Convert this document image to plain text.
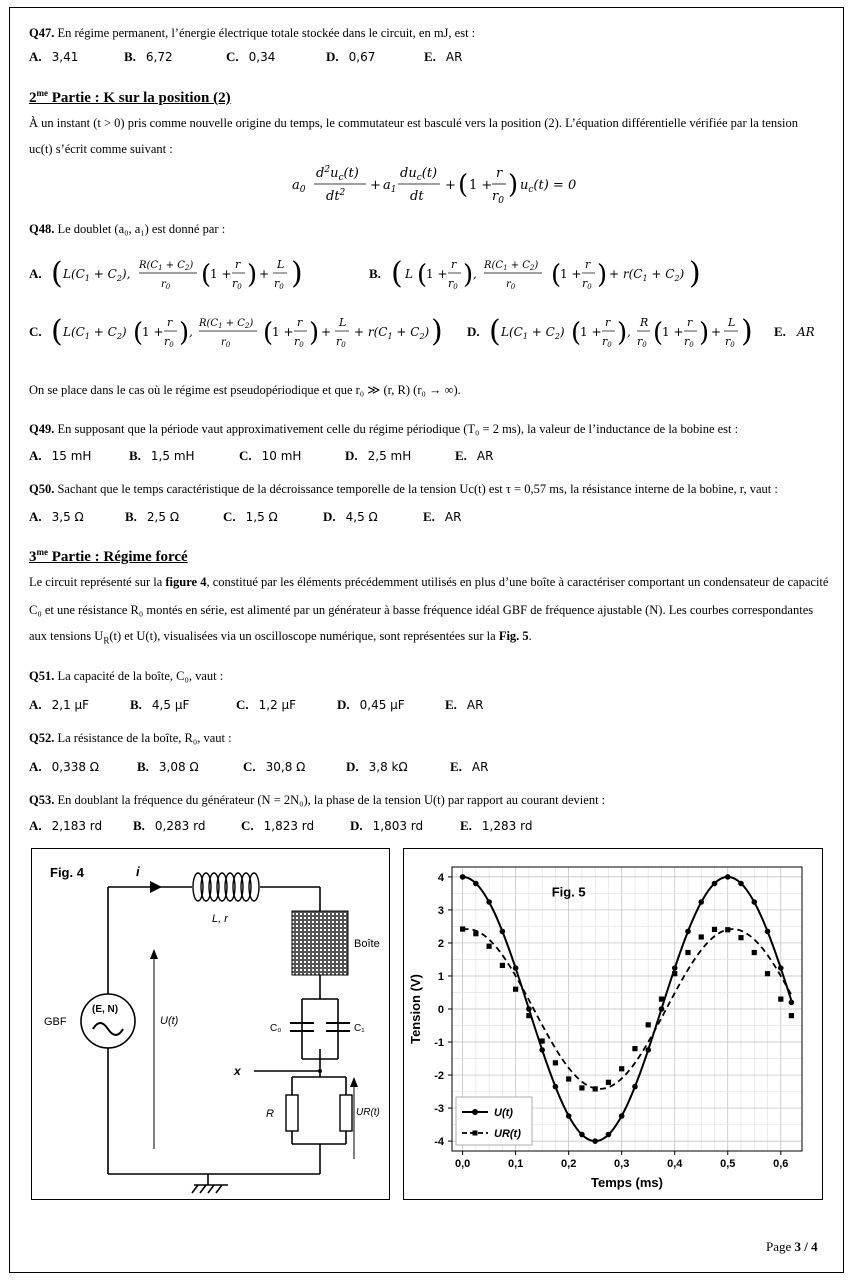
Q47. En régime permanent, l’énergie électrique totale stockée dans le circuit, en mJ, est :
A. 3,41	B. 6,72	C. 0,34	D. 0,67	E. AR
$2^{me}$ Partie : K sur la position (2)
À un instant (t > 0) pris comme nouvelle origine du temps, le commutateur est basculé vers la position (2). L’équation différentielle vérifiée par la tension
uc(t) s’écrit comme suivant :
$a_0$
$d^2u_c(t)$
$dt^2 + a_1$
$du_c(t)$
dt
+ ( 1 +
r
$r_0$
) $u_c(t) = 0$
Q48. Le doublet (a₀, a₁) est donné par :
A. ( $L(C_1 + C_2)$,
$R(C_1 + C_2)$
$r_0$ (
1 +
r
r0 ) +
L
r0 )	B. ( L (
1 +
r
r0 ) ,
$R(C_1 + C_2)$
$r_0$ (
1 +
r
r0 ) + $r(C_1 + C_2)$ )
C. ( $L(C_1 + C_2)$ (
1 +
r
r0 ) ,
$R(C_1 + C_2)$
$r_0$ (
1 +
r
r0 ) +
L
r0
+ $r(C_1 + C_2)$ ) D. ( $L(C_1 + C_2)$ (
1 +
r
r0 ) ,
R
r0 (
1 +
r
r0 ) +
L
r0 ) E. AR
On se place dans le cas où le régime est pseudopériodique et que r₀ ≫ (r, R) (r₀ → ∞).
Q49. En supposant que la période vaut approximativement celle du régime périodique (T₀ = 2 ms), la valeur de l’inductance de la bobine est :
A. 15 mH	B. 1,5 mH	C. 10 mH	D. 2,5 mH	E. AR
Q50. Sachant que le temps caractéristique de la décroissance temporelle de la tension Uc(t) est τ = 0,57 ms, la résistance interne de la bobine, r, vaut :
A. 3,5 Ω	B. 2,5 Ω	C. 1,5 Ω	D. 4,5 Ω	E. AR
$3^{me}$ Partie : Régime forcé
Le circuit représenté sur la figure 4, constitué par les éléments précédemment utilisés en plus d’une boîte à caractériser comportant un condensateur de capacité
C₀ et une résistance R₀ montés en série, est alimenté par un générateur à basse fréquence idéal GBF de fréquence ajustable (N). Les courbes correspondantes
aux tensions $U_R(t)$ et U(t), visualisées via un oscilloscope numérique, sont représentées sur la Fig. 5.
Q51. La capacité de la boîte, C₀, vaut :
A. 2,1 μF	B. 4,5 μF	C. 1,2 μF	D. 0,45 μF	E. AR
Q52. La résistance de la boîte, R₀, vaut :
A. 0,338 Ω	B. 3,08 Ω	C. 30,8 Ω	D. 3,8 kΩ	E. AR
Q53. En doublant la fréquence du générateur (N = 2N₀), la phase de la tension U(t) par rapport au courant devient :
A. 2,183 rd B. 0,283 rd	C. 1,823 rd	D. 1,803 rd	E. 1,283 rd
Fig. 4	i
L, r
Boîte
(E, N)
GBF	U(t)
C₀	C₁
x
R	UR(t)
0,0	0,1	0,2	0,3	0,4	0,5	0,6
4
3
2
1
0
-1
-2
-3
-4
Temps (ms)
Tension (V)
Fig. 5
U(t)
UR(t)
Page 3 / 4
